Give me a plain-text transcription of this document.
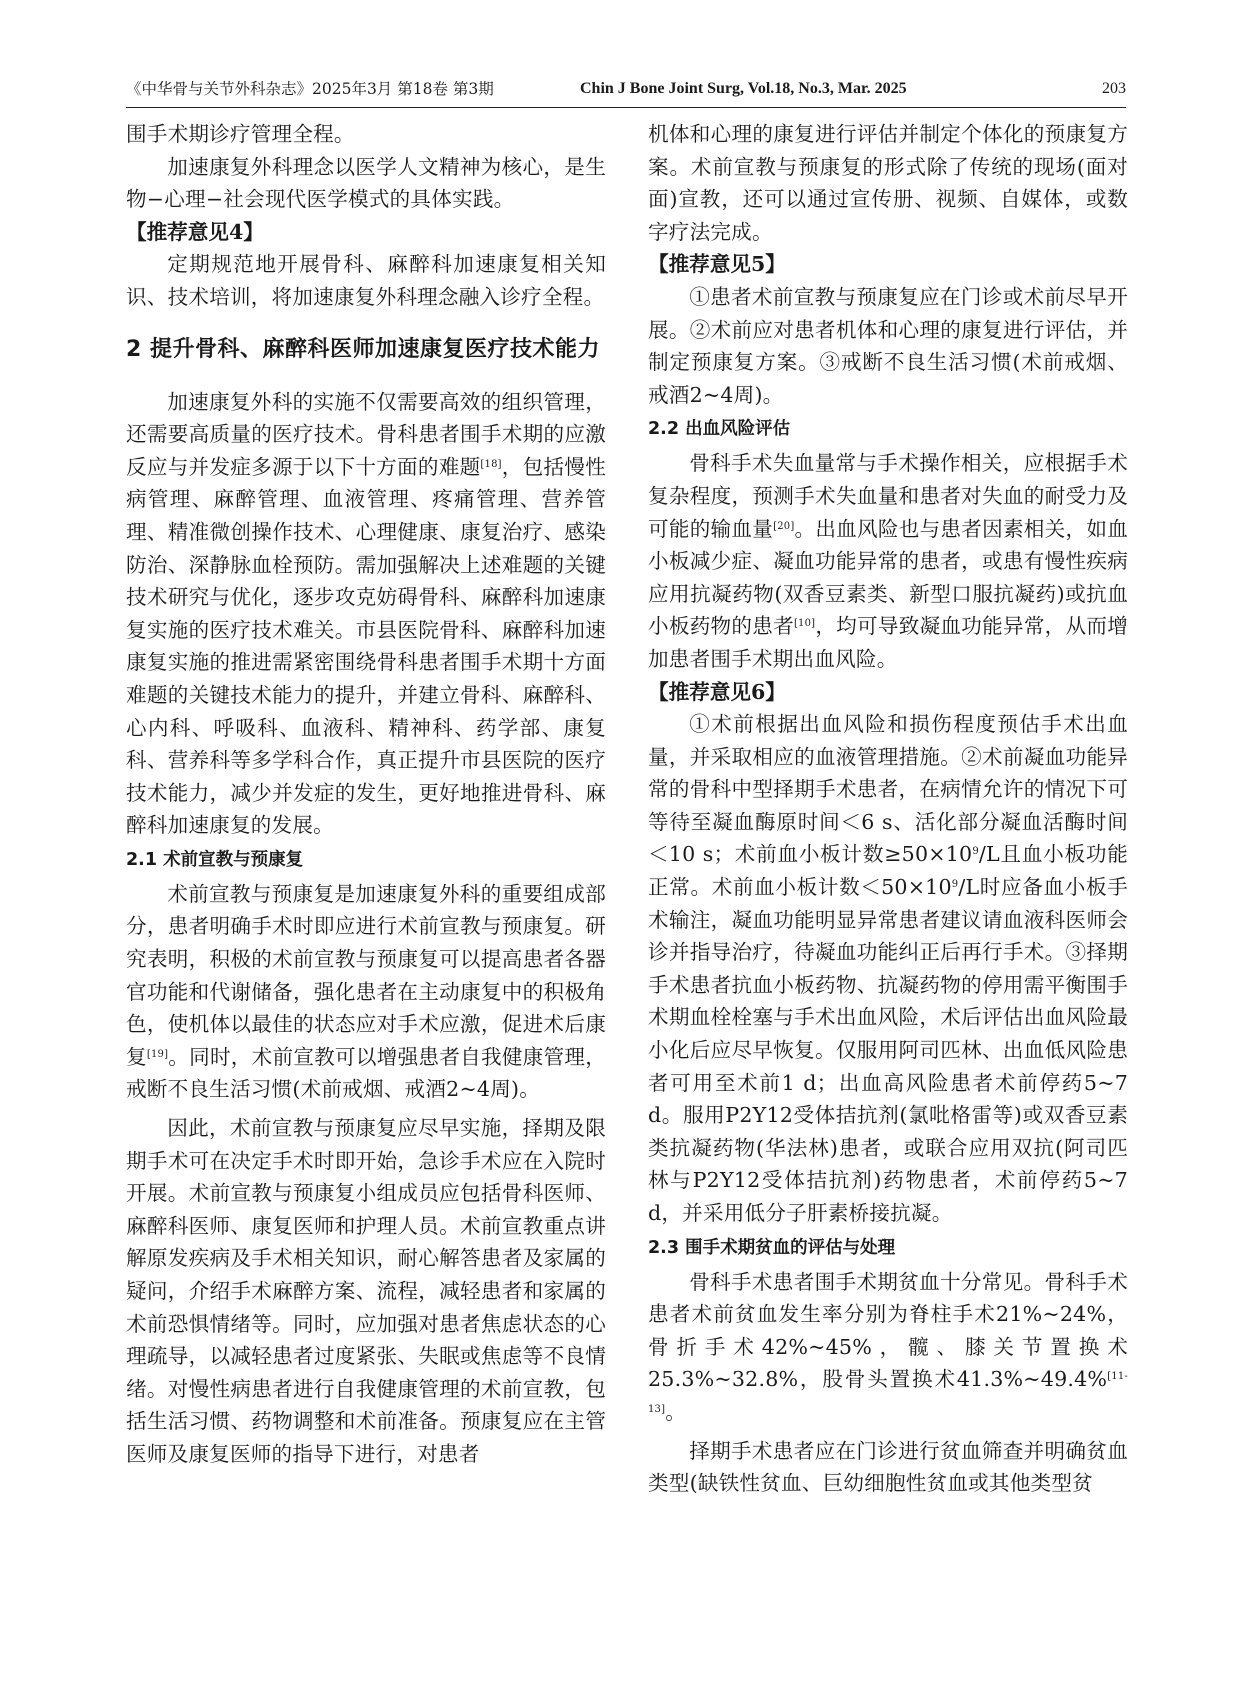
《中华骨与关节外科杂志》2025年3月 第18卷 第3期	Chin J Bone Joint Surg, Vol.18, No.3, Mar. 2025	203

围手术期诊疗管理全程。

加速康复外科理念以医学人文精神为核心，是生物−心理−社会现代医学模式的具体实践。

【推荐意见4】

定期规范地开展骨科、麻醉科加速康复相关知识、技术培训，将加速康复外科理念融入诊疗全程。

2 提升骨科、麻醉科医师加速康复医疗技术能力

加速康复外科的实施不仅需要高效的组织管理，还需要高质量的医疗技术。骨科患者围手术期的应激反应与并发症多源于以下十方面的难题[18]，包括慢性病管理、麻醉管理、血液管理、疼痛管理、营养管理、精准微创操作技术、心理健康、康复治疗、感染防治、深静脉血栓预防。需加强解决上述难题的关键技术研究与优化，逐步攻克妨碍骨科、麻醉科加速康复实施的医疗技术难关。市县医院骨科、麻醉科加速康复实施的推进需紧密围绕骨科患者围手术期十方面难题的关键技术能力的提升，并建立骨科、麻醉科、心内科、呼吸科、血液科、精神科、药学部、康复科、营养科等多学科合作，真正提升市县医院的医疗技术能力，减少并发症的发生，更好地推进骨科、麻醉科加速康复的发展。

2.1 术前宣教与预康复

术前宣教与预康复是加速康复外科的重要组成部分，患者明确手术时即应进行术前宣教与预康复。研究表明，积极的术前宣教与预康复可以提高患者各器官功能和代谢储备，强化患者在主动康复中的积极角色，使机体以最佳的状态应对手术应激，促进术后康复[19]。同时，术前宣教可以增强患者自我健康管理，戒断不良生活习惯(术前戒烟、戒酒2~4周)。

因此，术前宣教与预康复应尽早实施，择期及限期手术可在决定手术时即开始，急诊手术应在入院时开展。术前宣教与预康复小组成员应包括骨科医师、麻醉科医师、康复医师和护理人员。术前宣教重点讲解原发疾病及手术相关知识，耐心解答患者及家属的疑问，介绍手术麻醉方案、流程，减轻患者和家属的术前恐惧情绪等。同时，应加强对患者焦虑状态的心理疏导，以减轻患者过度紧张、失眠或焦虑等不良情绪。对慢性病患者进行自我健康管理的术前宣教，包括生活习惯、药物调整和术前准备。预康复应在主管医师及康复医师的指导下进行，对患者

机体和心理的康复进行评估并制定个体化的预康复方案。术前宣教与预康复的形式除了传统的现场(面对面)宣教，还可以通过宣传册、视频、自媒体，或数字疗法完成。

【推荐意见5】

①患者术前宣教与预康复应在门诊或术前尽早开展。②术前应对患者机体和心理的康复进行评估，并制定预康复方案。③戒断不良生活习惯(术前戒烟、戒酒2~4周)。

2.2 出血风险评估

骨科手术失血量常与手术操作相关，应根据手术复杂程度，预测手术失血量和患者对失血的耐受力及可能的输血量[20]。出血风险也与患者因素相关，如血小板减少症、凝血功能异常的患者，或患有慢性疾病应用抗凝药物(双香豆素类、新型口服抗凝药)或抗血小板药物的患者[10]，均可导致凝血功能异常，从而增加患者围手术期出血风险。

【推荐意见6】

①术前根据出血风险和损伤程度预估手术出血量，并采取相应的血液管理措施。②术前凝血功能异常的骨科中型择期手术患者，在病情允许的情况下可等待至凝血酶原时间＜6 s、活化部分凝血活酶时间＜10 s；术前血小板计数$\ge 50\times 10^9/L$且血小板功能正常。术前血小板计数$<50\times 10^9/L$时应备血小板手术输注，凝血功能明显异常患者建议请血液科医师会诊并指导治疗，待凝血功能纠正后再行手术。③择期手术患者抗血小板药物、抗凝药物的停用需平衡围手术期血栓栓塞与手术出血风险，术后评估出血风险最小化后应尽早恢复。仅服用阿司匹林、出血低风险患者可用至术前1 d；出血高风险患者术前停药5~7 d。服用P2Y12受体拮抗剂(氯吡格雷等)或双香豆素类抗凝药物(华法林)患者，或联合应用双抗(阿司匹林与P2Y12受体拮抗剂)药物患者，术前停药5~7 d，并采用低分子肝素桥接抗凝。

2.3 围手术期贫血的评估与处理

骨科手术患者围手术期贫血十分常见。骨科手术患者术前贫血发生率分别为脊柱手术21%~24%，骨折手术42%~45%，髋、膝关节置换术25.3%~32.8%，股骨头置换术41.3%~49.4%[11-13]。

择期手术患者应在门诊进行贫血筛查并明确贫血类型(缺铁性贫血、巨幼细胞性贫血或其他类型贫
